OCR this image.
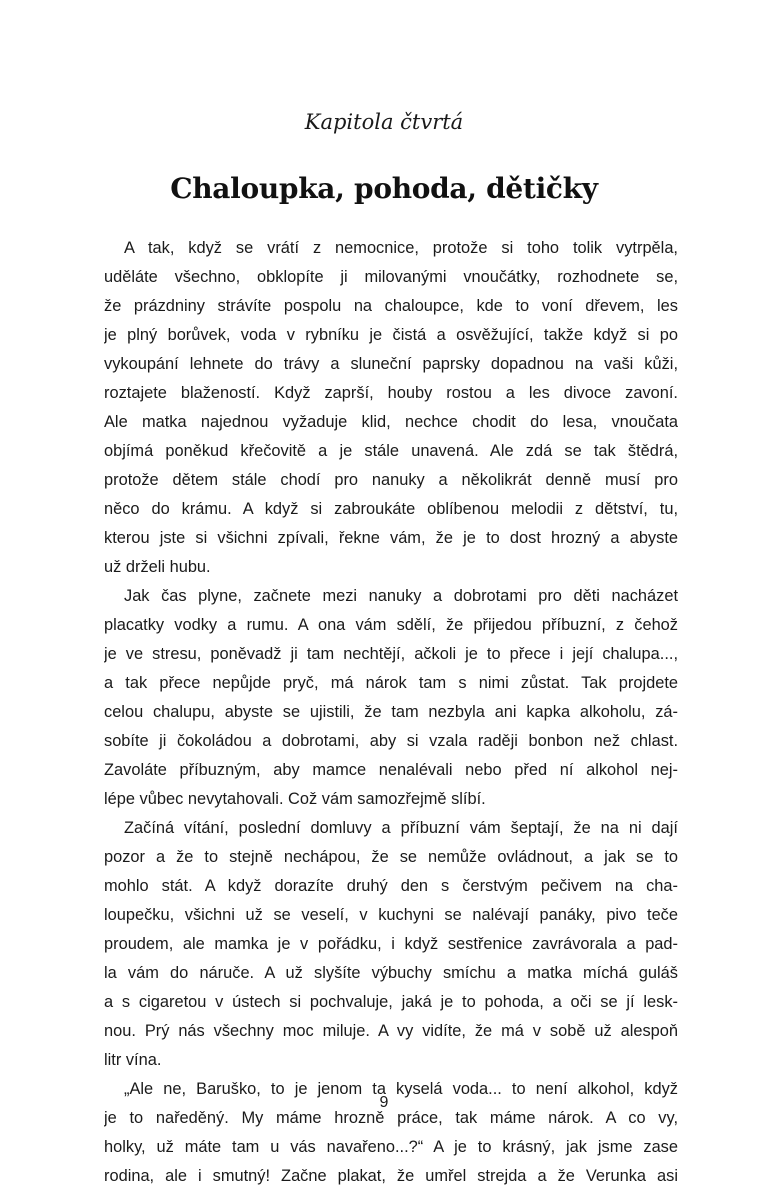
Kapitola čtvrtá
Chaloupka, pohoda, dětičky
A tak, když se vrátí z nemocnice, protože si toho tolik vytrpěla,
uděláte všechno, obklopíte ji milovanými vnoučátky, rozhodnete se,
že prázdniny strávíte pospolu na chaloupce, kde to voní dřevem, les
je plný borůvek, voda v rybníku je čistá a osvěžující, takže když si po
vykoupání lehnete do trávy a sluneční paprsky dopadnou na vaši kůži,
roztajete blažeností. Když zaprší, houby rostou a les divoce zavoní.
Ale matka najednou vyžaduje klid, nechce chodit do lesa, vnoučata
objímá poněkud křečovitě a je stále unavená. Ale zdá se tak štědrá,
protože dětem stále chodí pro nanuky a několikrát denně musí pro
něco do krámu. A když si zabroukáte oblíbenou melodii z dětství, tu,
kterou jste si všichni zpívali, řekne vám, že je to dost hrozný a abyste
už drželi hubu.
Jak čas plyne, začnete mezi nanuky a dobrotami pro děti nacházet
placatky vodky a rumu. A ona vám sdělí, že přijedou příbuzní, z čehož
je ve stresu, poněvadž ji tam nechtějí, ačkoli je to přece i její chalupa...,
a tak přece nepůjde pryč, má nárok tam s nimi zůstat. Tak projdete
celou chalupu, abyste se ujistili, že tam nezbyla ani kapka alkoholu, zá-
sobíte ji čokoládou a dobrotami, aby si vzala raději bonbon než chlast.
Zavoláte příbuzným, aby mamce nenalévali nebo před ní alkohol nej-
lépe vůbec nevytahovali. Což vám samozřejmě slíbí.
Začíná vítání, poslední domluvy a příbuzní vám šeptají, že na ni dají
pozor a že to stejně nechápou, že se nemůže ovládnout, a jak se to
mohlo stát. A když dorazíte druhý den s čerstvým pečivem na cha-
loupečku, všichni už se veselí, v kuchyni se nalévají panáky, pivo teče
proudem, ale mamka je v pořádku, i když sestřenice zavrávorala a pad-
la vám do náruče. A už slyšíte výbuchy smíchu a matka míchá guláš
a s cigaretou v ústech si pochvaluje, jaká je to pohoda, a oči se jí lesk-
nou. Prý nás všechny moc miluje. A vy vidíte, že má v sobě už alespoň
litr vína.
„Ale ne, Baruško, to je jenom ta kyselá voda... to není alkohol, když
je to naředěný. My máme hrozně práce, tak máme nárok. A co vy,
holky, už máte tam u vás navařeno...?“ A je to krásný, jak jsme zase
rodina, ale i smutný! Začne plakat, že umřel strejda a že Verunka asi
9
